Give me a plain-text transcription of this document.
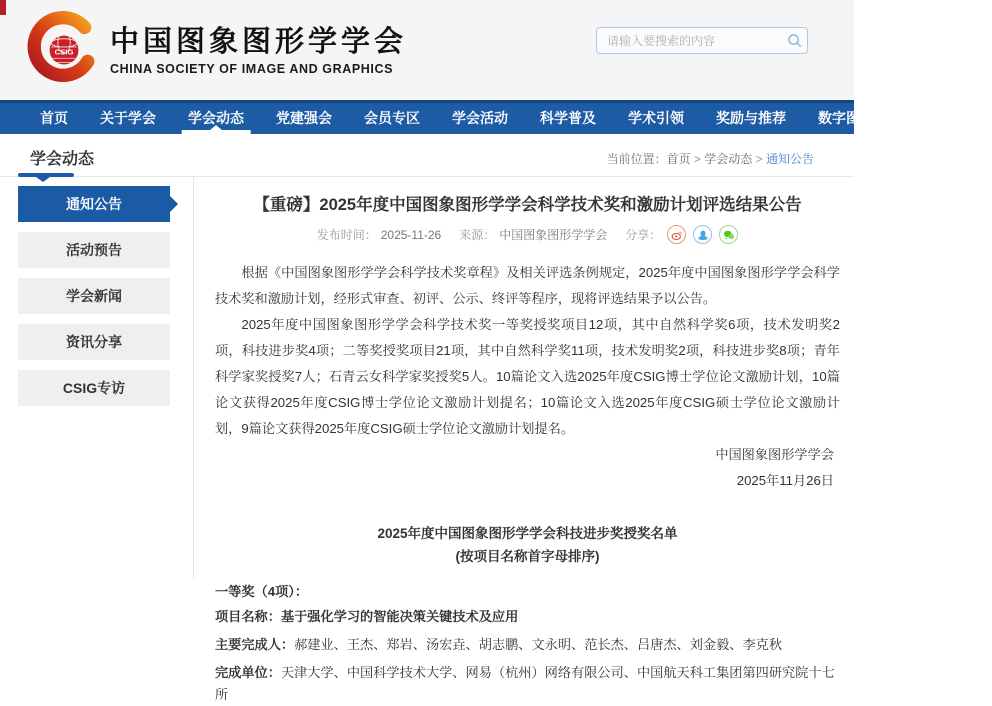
CSIG 中国图象图形学学会
CHINA SOCIETY OF IMAGE AND GRAPHICS
请输入要搜索的内容
首页	关于学会	学会动态	党建强会	会员专区	学会活动	科学普及	学术引领	奖励与推荐	数字图书馆	学会刊物
学会动态	当前位置：首页 > 学会动态 > 通知公告
通知公告
活动预告
学会新闻
资讯分享
CSIG专访
【重磅】2025年度中国图象图形学学会科学技术奖和激励计划评选结果公告
发布时间： 2025-11-26 来源： 中国图象图形学学会 分享：

根据《中国图象图形学学会科学技术奖章程》及相关评选条例规定，2025年度中国图象图形学学会科学技术奖和激励计划，经形式审查、初评、公示、终评等程序，现将评选结果予以公告。

2025年度中国图象图形学学会科学技术奖一等奖授奖项目12项，其中自然科学奖6项，技术发明奖2项，科技进步奖4项；二等奖授奖项目21项，其中自然科学奖11项，技术发明奖2项，科技进步奖8项；青年科学家奖授奖7人；石青云女科学家奖授奖5人。10篇论文入选2025年度CSIG博士学位论文激励计划，10篇论文获得2025年度CSIG博士学位论文激励计划提名；10篇论文入选2025年度CSIG硕士学位论文激励计划，9篇论文获得2025年度CSIG硕士学位论文激励计划提名。

中国图象图形学学会
2025年11月26日
2025年度中国图象图形学学会科技进步奖授奖名单
(按项目名称首字母排序)
一等奖（4项）：
项目名称：基于强化学习的智能决策关键技术及应用
主要完成人：郝建业、王杰、郑岩、汤宏垚、胡志鹏、文永明、范长杰、吕唐杰、刘金毅、李克秋
完成单位：天津大学、中国科学技术大学、网易（杭州）网络有限公司、中国航天科工集团第四研究院十七所
